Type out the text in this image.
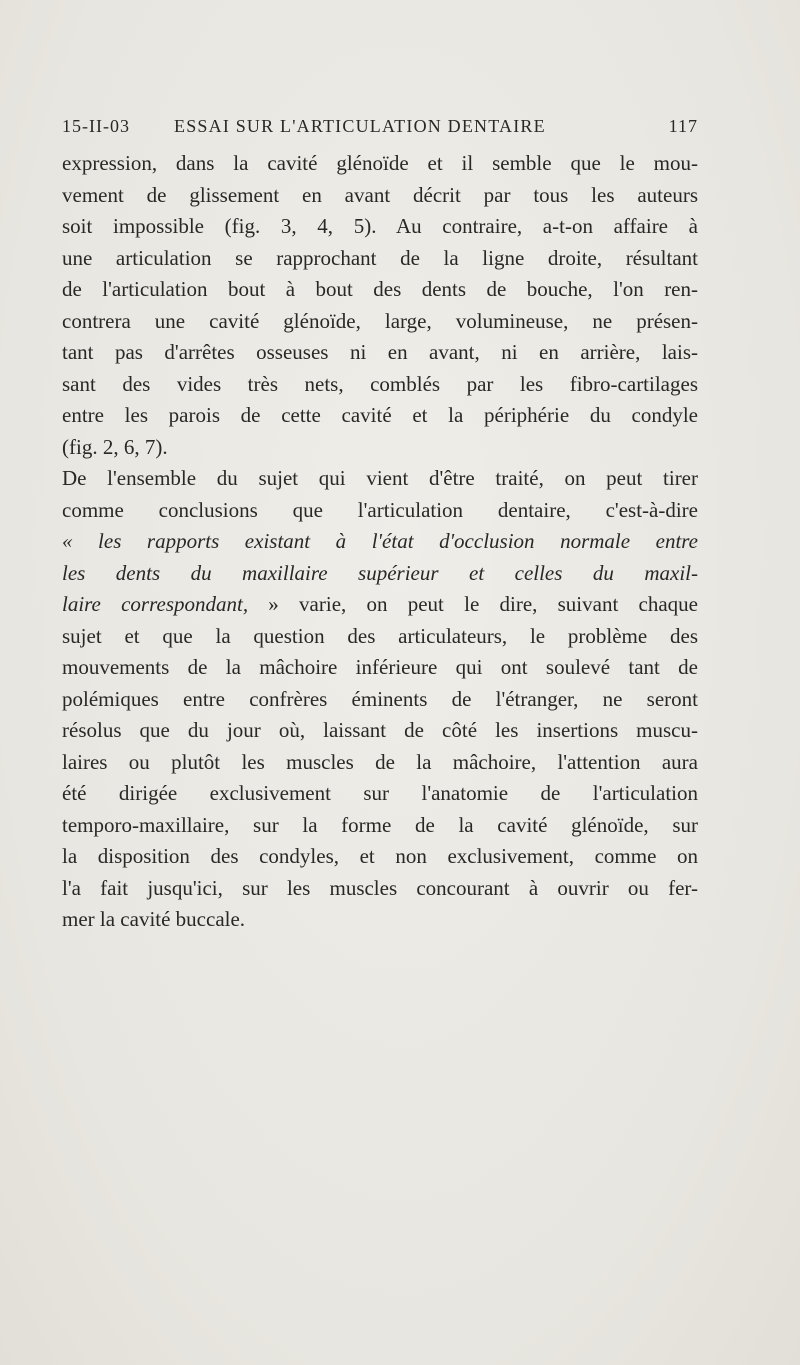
15-II-03 ESSAI SUR L'ARTICULATION DENTAIRE	117
expression, dans la cavité glénoïde et il semble que le mou-
vement de glissement en avant décrit par tous les auteurs
soit impossible (fig. 3, 4, 5). Au contraire, a-t-on affaire à
une articulation se rapprochant de la ligne droite, résultant
de l'articulation bout à bout des dents de bouche, l'on ren-
contrera une cavité glénoïde, large, volumineuse, ne présen-
tant pas d'arrêtes osseuses ni en avant, ni en arrière, lais-
sant des vides très nets, comblés par les fibro-cartilages
entre les parois de cette cavité et la périphérie du condyle
(fig. 2, 6, 7).
De l'ensemble du sujet qui vient d'être traité, on peut tirer
comme conclusions que l'articulation dentaire, c'est-à-dire
« les rapports existant à l'état d'occlusion normale entre
les dents du maxillaire supérieur et celles du maxil-
laire correspondant, » varie, on peut le dire, suivant chaque
sujet et que la question des articulateurs, le problème des
mouvements de la mâchoire inférieure qui ont soulevé tant de
polémiques entre confrères éminents de l'étranger, ne seront
résolus que du jour où, laissant de côté les insertions muscu-
laires ou plutôt les muscles de la mâchoire, l'attention aura
été dirigée exclusivement sur l'anatomie de l'articulation
temporo-maxillaire, sur la forme de la cavité glénoïde, sur
la disposition des condyles, et non exclusivement, comme on
l'a fait jusqu'ici, sur les muscles concourant à ouvrir ou fer-
mer la cavité buccale.
